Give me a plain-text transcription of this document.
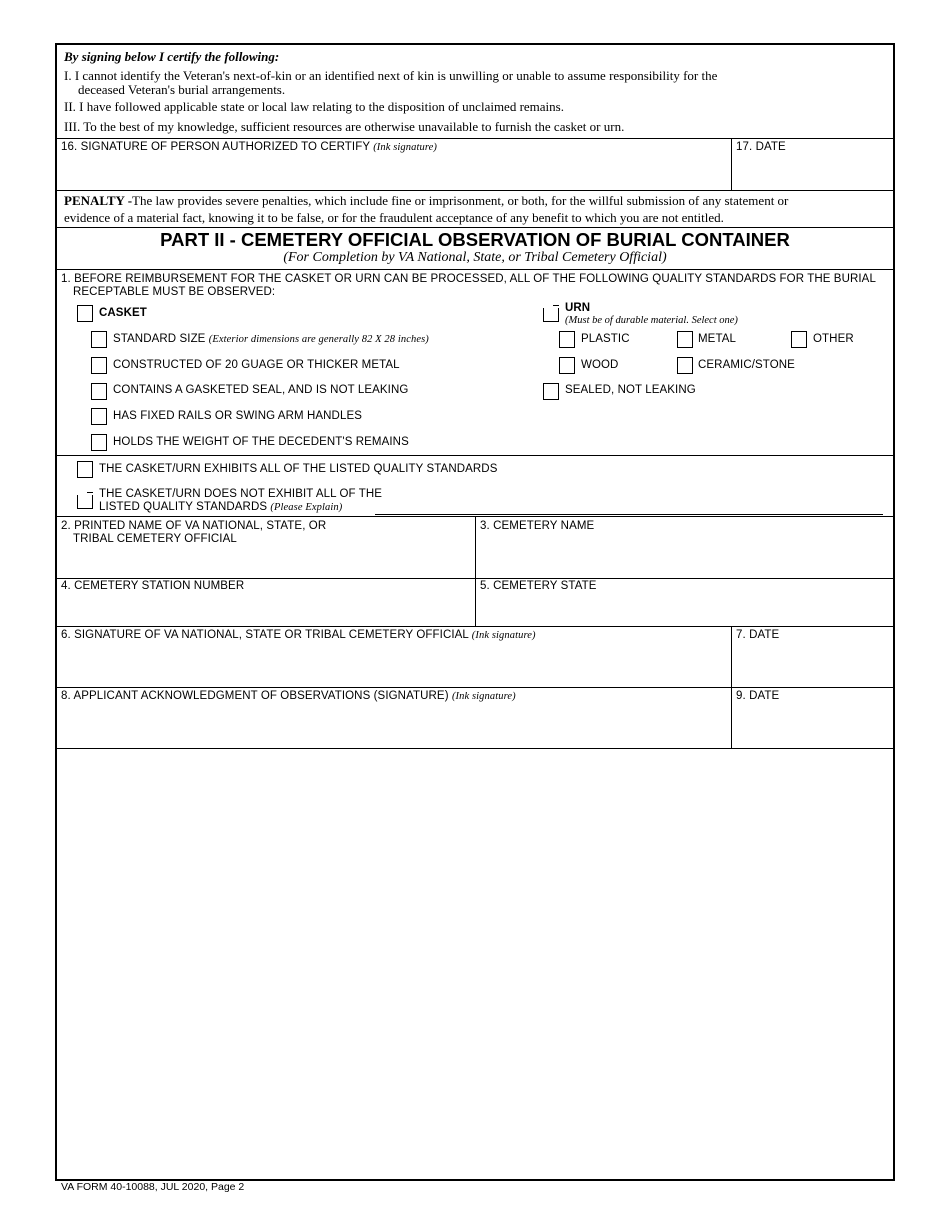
By signing below I certify the following:
I. I cannot identify the Veteran's next-of-kin or an identified next of kin is unwilling or unable to assume responsibility for the
deceased Veteran's burial arrangements.
II. I have followed applicable state or local law relating to the disposition of unclaimed remains.
III. To the best of my knowledge, sufficient resources are otherwise unavailable to furnish the casket or urn.
16. SIGNATURE OF PERSON AUTHORIZED TO CERTIFY (Ink signature)	17. DATE
PENALTY -The law provides severe penalties, which include fine or imprisonment, or both, for the willful submission of any statement or
evidence of a material fact, knowing it to be false, or for the fraudulent acceptance of any benefit to which you are not entitled.
PART II - CEMETERY OFFICIAL OBSERVATION OF BURIAL CONTAINER
(For Completion by VA National, State, or Tribal Cemetery Official)
1. BEFORE REIMBURSEMENT FOR THE CASKET OR URN CAN BE PROCESSED, ALL OF THE FOLLOWING QUALITY STANDARDS FOR THE BURIAL
RECEPTABLE MUST BE OBSERVED:
CASKET
STANDARD SIZE (Exterior dimensions are generally 82 X 28 inches)
CONSTRUCTED OF 20 GUAGE OR THICKER METAL
CONTAINS A GASKETED SEAL, AND IS NOT LEAKING
HAS FIXED RAILS OR SWING ARM HANDLES
HOLDS THE WEIGHT OF THE DECEDENT'S REMAINS
URN
(Must be of durable material. Select one)
PLASTIC	METAL	OTHER
WOOD	CERAMIC/STONE
SEALED, NOT LEAKING
THE CASKET/URN EXHIBITS ALL OF THE LISTED QUALITY STANDARDS
THE CASKET/URN DOES NOT EXHIBIT ALL OF THE
LISTED QUALITY STANDARDS (Please Explain)
2. PRINTED NAME OF VA NATIONAL, STATE, OR
TRIBAL CEMETERY OFFICIAL
3. CEMETERY NAME
4. CEMETERY STATION NUMBER	5. CEMETERY STATE
6. SIGNATURE OF VA NATIONAL, STATE OR TRIBAL CEMETERY OFFICIAL (Ink signature)	7. DATE
8. APPLICANT ACKNOWLEDGMENT OF OBSERVATIONS (SIGNATURE) (Ink signature)	9. DATE
VA FORM 40-10088, JUL 2020, Page 2
